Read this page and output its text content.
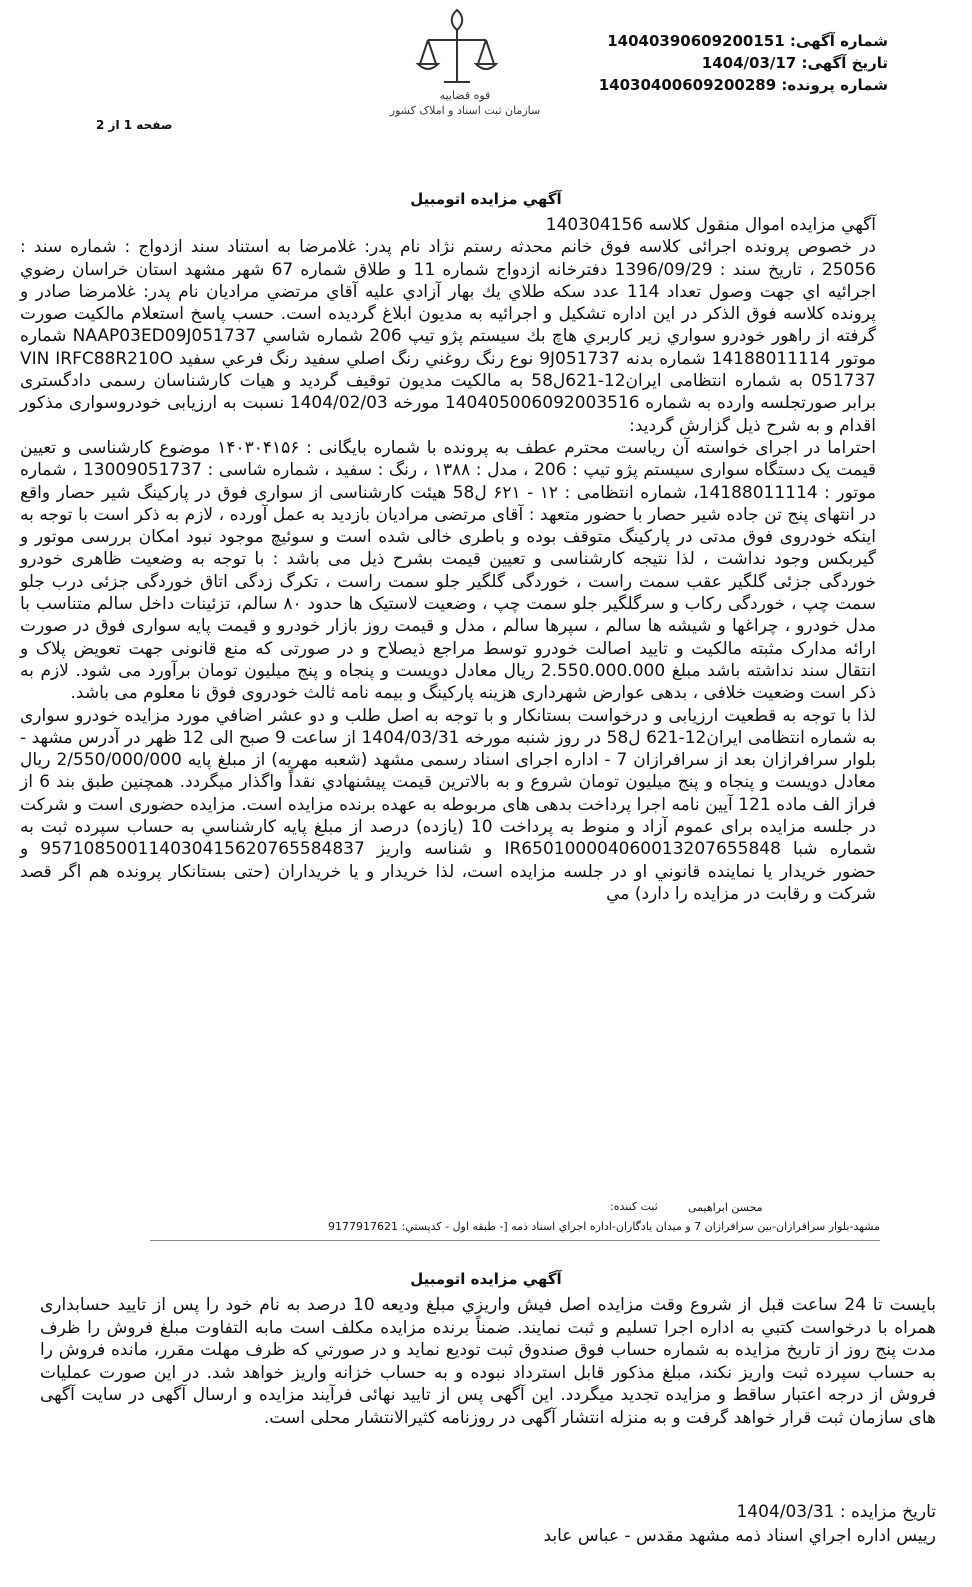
شماره آگهی: 14040390609200151
تاریخ آگهی: 1404/03/17
شماره پرونده: 14030400609200289
قوه قضاییه
سازمان ثبت اسناد و املاک کشور
صفحه 1 از 2
آگهي مزايده اتومبيل

آگهي مزايده اموال منقول كلاسه 140304156

در خصوص پرونده اجرائی کلاسه فوق خانم محدثه رستم نژاد نام پدر: غلامرضا به استناد سند ازدواج : شماره سند : 25056 ، تاريخ سند : 1396/09/29 دفترخانه ازدواج شماره 11 و طلاق شماره 67 شهر مشهد استان خراسان رضوي اجرائيه اي جهت وصول تعداد 114 عدد سكه طلاي يك بهار آزادي عليه آقاي مرتضي مراديان نام پدر: غلامرضا صادر و پرونده كلاسه فوق الذكر در اين اداره تشكيل و اجرائيه به مديون ابلاغ گرديده است. حسب پاسخ استعلام مالكيت صورت گرفته از راهور خودرو سواري زير كاربري هاچ بك سيستم پژو تيپ 206 شماره شاسي NAAP03ED09J051737 شماره موتور 14188011114 شماره بدنه 9J051737 نوع رنگ روغني رنگ اصلي سفيد رنگ فرعي سفيد VIN IRFC88R210O 051737 به شماره انتظامی ايران12-621ل58 به مالكيت مديون توقيف گرديد و هيات كارشناسان رسمی دادگستری برابر صورتجلسه وارده به شماره 140405006092003516 مورخه 1404/02/03 نسبت به ارزيابی خودروسواری مذکور اقدام و به شرح ذيل گزارش گرديد:

احتراما در اجرای خواسته آن رياست محترم عطف به پرونده با شماره بايگانی : ۱۴۰۳۰۴۱۵۶ موضوع کارشناسی و تعيين قيمت يک دستگاه سواری سيستم پژو تيپ : 206 ، مدل : ۱۳۸۸ ، رنگ : سفيد ، شماره شاسی : 13009051737 ، شماره موتور : 14188011114، شماره انتظامی : ۱۲ - ۶۲۱ ل58 هيئت کارشناسی از سواری فوق در پارکينگ شير حصار واقع در انتهای پنج تن جاده شير حصار با حضور متعهد : آقای مرتضی مراديان بازديد به عمل آورده ، لازم به ذکر است با توجه به اينکه خودروی فوق مدتی در پارکينگ متوقف بوده و باطری خالی شده است و سوئيچ موجود نبود امکان بررسی موتور و گيربکس وجود نداشت ، لذا نتيجه کارشناسی و تعيين قيمت بشرح ذيل می باشد : با توجه به وضعيت ظاهری خودرو خوردگی جزئی گلگير عقب سمت راست ، خوردگی گلگير جلو سمت راست ، تکرگ زدگی اتاق خوردگی جزئی درب جلو سمت چپ ، خوردگی رکاب و سرگلگير جلو سمت چپ ، وضعيت لاستيک ها حدود ۸۰ سالم، تزئينات داخل سالم متناسب با مدل خودرو ، چراغها و شيشه ها سالم ، سپرها سالم ، مدل و قيمت روز بازار خودرو و قيمت پايه سواری فوق در صورت ارائه مدارک مثبته مالکيت و تاييد اصالت خودرو توسط مراجع ذيصلاح و در صورتی که منع قانونی جهت تعويض پلاک و انتقال سند نداشته باشد مبلغ 2.550.000.000 ريال معادل دويست و پنجاه و پنج ميليون تومان برآورد می شود. لازم به ذکر است وضعيت خلافی ، بدهی عوارض شهرداری هزينه پارکينگ و بيمه نامه ثالث خودروی فوق نا معلوم می باشد.

لذا با توجه به قطعيت ارزيابی و درخواست بستانکار و با توجه به اصل طلب و دو عشر اضافي مورد مزايده خودرو سواری به شماره انتظامی ايران12-621 ل58 در روز شنبه مورخه 1404/03/31 از ساعت 9 صبح الی 12 ظهر در آدرس مشهد - بلوار سرافرازان بعد از سرافرازان 7 - اداره اجرای اسناد رسمی مشهد (شعبه مهريه) از مبلغ پايه 2/550/000/000 ريال معادل دويست و پنجاه و پنج ميليون تومان شروع و به بالاترين قيمت پيشنهادي نقداً واگذار ميگردد. همچنين طبق بند 6 از فراز الف ماده 121 آيين نامه اجرا پرداخت بدهی های مربوطه به عهده برنده مزايده است. مزايده حضوری است و شرکت در جلسه مزايده برای عموم آزاد و منوط به پرداخت 10 (يازده) درصد از مبلغ پايه كارشناسي به حساب سپرده ثبت به شماره شبا IR650100004060013207655848 و شناسه واريز 957108500114030415620765584837 و حضور خريدار يا نماينده قانوني او در جلسه مزايده است، لذا خريدار و يا خريداران (حتی بستانکار پرونده هم اگر قصد شرکت و رقابت در مزايده را دارد) مي

ثبت كننده:	محسن ابراهیمی
مشهد-بلوار سرافرازان-بين سرافرازان 7 و ميدان يادگاران-اداره اجراي اسناد ذمه [- طبقه اول - كدپستي: 9177917621
آگهي مزايده اتومبيل
بايست تا 24 ساعت قبل از شروع وقت مزايده اصل فيش واريزي مبلغ وديعه 10 درصد به نام خود را پس از تاييد حسابداری همراه با درخواست کتبي به اداره اجرا تسليم و ثبت نمايند. ضمناً برنده مزايده مكلف است مابه التفاوت مبلغ فروش را ظرف مدت پنج روز از تاريخ مزايده به شماره حساب فوق صندوق ثبت توديع نمايد و در صورتي كه ظرف مهلت مقرر، مانده فروش را به حساب سپرده ثبت واريز نكند، مبلغ مذكور قابل استرداد نبوده و به حساب خزانه واريز خواهد شد. در اين صورت عمليات فروش از درجه اعتبار ساقط و مزايده تجديد ميگردد. اين آگهی پس از تاييد نهائی فرآيند مزايده و ارسال آگهی در سايت آگهی های سازمان ثبت قرار خواهد گرفت و به منزله انتشار آگهی در روزنامه كثيرالانتشار محلی است.
تاريخ مزايده : 1404/03/31
رييس اداره اجراي اسناد ذمه مشهد مقدس - عباس عابد
